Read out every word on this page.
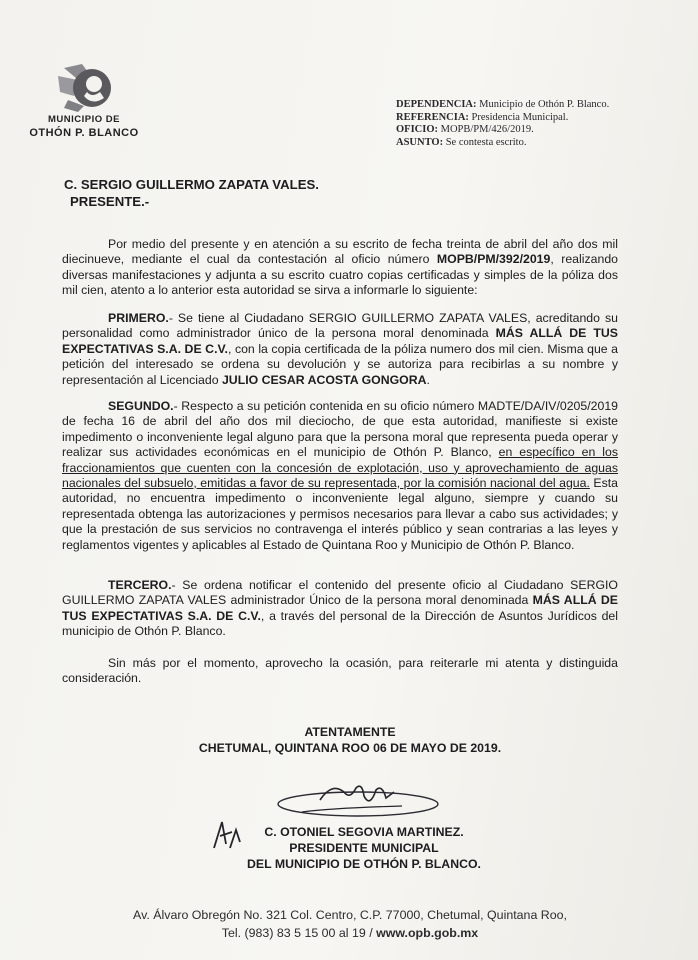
MUNICIPIO DE
OTHÓN P. BLANCO
DEPENDENCIA: Municipio de Othón P. Blanco.
REFERENCIA: Presidencia Municipal.
OFICIO: MOPB/PM/426/2019.
ASUNTO: Se contesta escrito.
C. SERGIO GUILLERMO ZAPATA VALES.
PRESENTE.-
Por medio del presente y en atención a su escrito de fecha treinta de abril del año dos mil diecinueve, mediante el cual da contestación al oficio número MOPB/PM/392/2019, realizando diversas manifestaciones y adjunta a su escrito cuatro copias certificadas y simples de la póliza dos mil cien, atento a lo anterior esta autoridad se sirva a informarle lo siguiente:
PRIMERO.- Se tiene al Ciudadano SERGIO GUILLERMO ZAPATA VALES, acreditando su personalidad como administrador único de la persona moral denominada MÁS ALLÁ DE TUS EXPECTATIVAS S.A. DE C.V., con la copia certificada de la póliza numero dos mil cien. Misma que a petición del interesado se ordena su devolución y se autoriza para recibirlas a su nombre y representación al Licenciado JULIO CESAR ACOSTA GONGORA.
SEGUNDO.- Respecto a su petición contenida en su oficio número MADTE/DA/IV/0205/2019 de fecha 16 de abril del año dos mil dieciocho, de que esta autoridad, manifieste si existe impedimento o inconveniente legal alguno para que la persona moral que representa pueda operar y realizar sus actividades económicas en el municipio de Othón P. Blanco, en específico en los fraccionamientos que cuenten con la concesión de explotación, uso y aprovechamiento de aguas nacionales del subsuelo, emitidas a favor de su representada, por la comisión nacional del agua. Esta autoridad, no encuentra impedimento o inconveniente legal alguno, siempre y cuando su representada obtenga las autorizaciones y permisos necesarios para llevar a cabo sus actividades; y que la prestación de sus servicios no contravenga el interés público y sean contrarias a las leyes y reglamentos vigentes y aplicables al Estado de Quintana Roo y Municipio de Othón P. Blanco.
TERCERO.- Se ordena notificar el contenido del presente oficio al Ciudadano SERGIO GUILLERMO ZAPATA VALES administrador Único de la persona moral denominada MÁS ALLÁ DE TUS EXPECTATIVAS S.A. DE C.V., a través del personal de la Dirección de Asuntos Jurídicos del municipio de Othón P. Blanco.
Sin más por el momento, aprovecho la ocasión, para reiterarle mi atenta y distinguida consideración.
ATENTAMENTE
CHETUMAL, QUINTANA ROO 06 DE MAYO DE 2019.
C. OTONIEL SEGOVIA MARTINEZ.
PRESIDENTE MUNICIPAL
DEL MUNICIPIO DE OTHÓN P. BLANCO.
Av. Álvaro Obregón No. 321 Col. Centro, C.P. 77000, Chetumal, Quintana Roo,
Tel. (983) 83 5 15 00 al 19 / www.opb.gob.mx
